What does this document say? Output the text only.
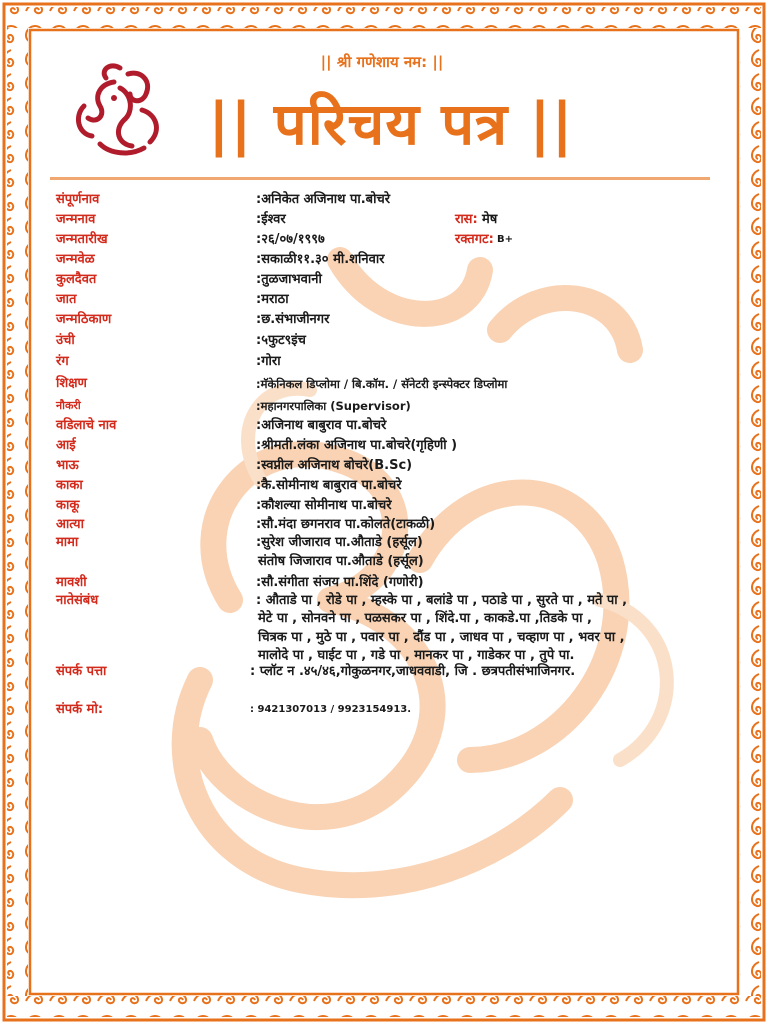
|| श्री गणेशाय नम: ||
|| परिचय पत्र ||
संपूर्णनाव	:अनिकेत अजिनाथ पा.बोचरे
जन्मनाव	:ईश्वर	रास: मेष
जन्मतारीख	:२६/०७/१९९७	रक्तगट: B+
जन्मवेळ	:सकाळी११.३० मी.शनिवार
कुलदैवत	:तुळजाभवानी
जात	:मराठा
जन्मठिकाण	:छ.संभाजीनगर
उंची	:५फुट९इंच
रंग	:गोरा
शिक्षण	:मॅकेनिकल डिप्लोमा / बि.कॉम. / सॅनेटरी इन्स्पेक्टर डिप्लोमा
नौकरी	:महानगरपालिका (Supervisor)
वडिलाचे नाव	:अजिनाथ बाबुराव पा.बोचरे
आई	:श्रीमती.लंका अजिनाथ पा.बोचरे(गृहिणी )
भाऊ	:स्वप्नील अजिनाथ बोचरे(B.Sc)
काका	:कै.सोमीनाथ बाबुराव पा.बोचरे
काकू	:कौशल्या सोमीनाथ पा.बोचरे
आत्या	:सौ.मंदा छगनराव पा.कोलते(टाकळी)
मामा	:सुरेश जीजाराव पा.औताडे (हर्सूल)
संतोष जिजाराव पा.औताडे (हर्सूल)
मावशी	:सौ.संगीता संजय पा.शिंदे (गणोरी)
नातेसंबंध	: औताडे पा , रोडे पा , म्हस्के पा , बलांडे पा , पठाडे पा , सुरते पा , मते पा ,
मेटे पा , सोनवने पा , पळसकर पा , शिंदे.पा , काकडे.पा ,तिडके पा ,
चित्रक पा , मुठे पा , पवार पा , दौंड पा , जाधव पा , चव्हाण पा , भवर पा ,
मालोदे पा , घाईट पा , गडे पा , मानकर पा , गाडेकर पा , तुपे पा.
संपर्क पत्ता	: प्लॉट न .४५/४६,गोकुळनगर,जाधववाडी, जि . छत्रपतीसंभाजिनगर.
संपर्क मो:	: 9421307013 / 9923154913.
